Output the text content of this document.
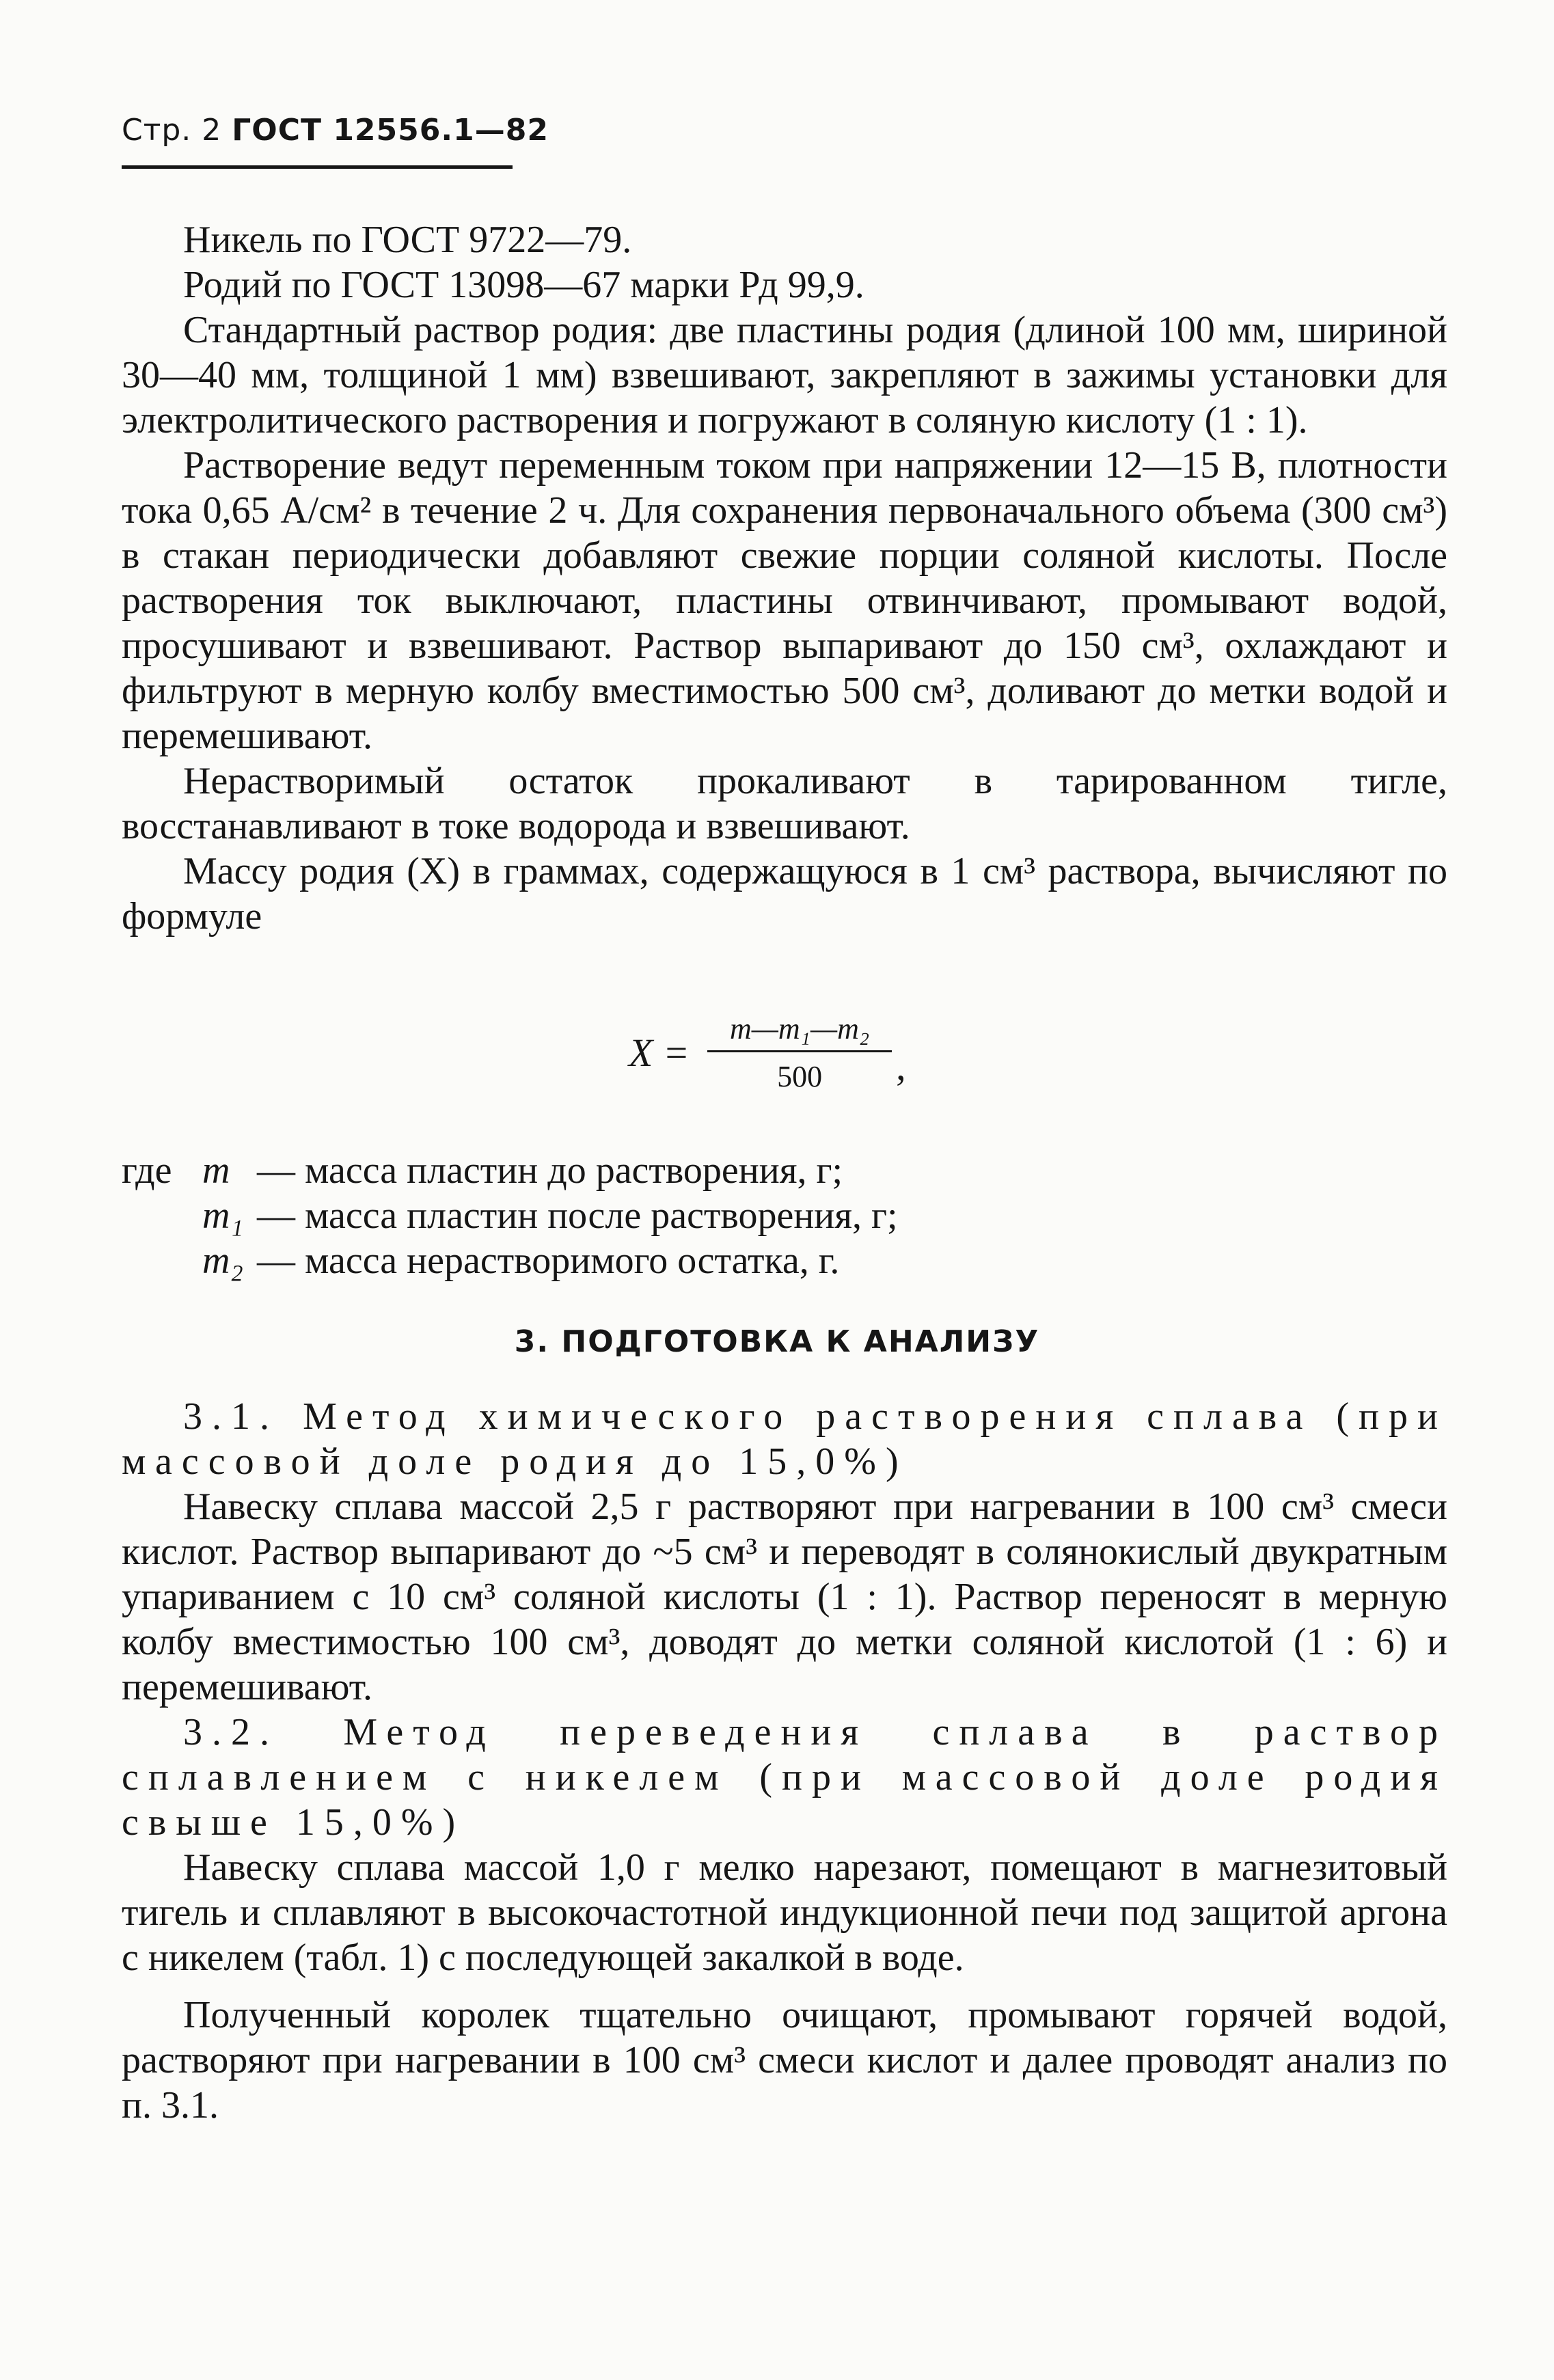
Стр. 2 ГОСТ 12556.1—82

Никель по ГОСТ 9722—79.

Родий по ГОСТ 13098—67 марки Рд 99,9.

Стандартный раствор родия: две пластины родия (длиной 100 мм, шириной 30—40 мм, толщиной 1 мм) взвешивают, закрепляют в зажимы установки для электролитического растворения и погружают в соляную кислоту (1 : 1).

Растворение ведут переменным током при напряжении 12—15 В, плотности тока 0,65 А/см² в течение 2 ч. Для сохранения первоначального объема (300 см³) в стакан периодически добавляют свежие порции соляной кислоты. После растворения ток выключают, пластины отвинчивают, промывают водой, просушивают и взвешивают. Раствор выпаривают до 150 см³, охлаждают и фильтруют в мерную колбу вместимостью 500 см³, доливают до метки водой и перемешивают.

Нерастворимый остаток прокаливают в тарированном тигле, восстанавливают в токе водорода и взвешивают.

Массу родия (X) в граммах, содержащуюся в 1 см³ раствора, вычисляют по формуле

$X = \frac{\text{m—m₁—m₂}}{500}$ ,
где m — масса пластин до растворения, г;
m₁ — масса пластин после растворения, г;
m₂ — масса нерастворимого остатка, г.
3. ПОДГОТОВКА К АНАЛИЗУ

3.1. Метод химического растворения сплава (при массовой доле родия до 15,0%)

Навеску сплава массой 2,5 г растворяют при нагревании в 100 см³ смеси кислот. Раствор выпаривают до ~5 см³ и переводят в солянокислый двукратным упариванием с 10 см³ соляной кислоты (1 : 1). Раствор переносят в мерную колбу вместимостью 100 см³, доводят до метки соляной кислотой (1 : 6) и перемешивают.

3.2. Метод переведения сплава в раствор сплавлением с никелем (при массовой доле родия свыше 15,0%)

Навеску сплава массой 1,0 г мелко нарезают, помещают в магнезитовый тигель и сплавляют в высокочастотной индукционной печи под защитой аргона с никелем (табл. 1) с последующей закалкой в воде.

Полученный королек тщательно очищают, промывают горячей водой, растворяют при нагревании в 100 см³ смеси кислот и далее проводят анализ по п. 3.1.
